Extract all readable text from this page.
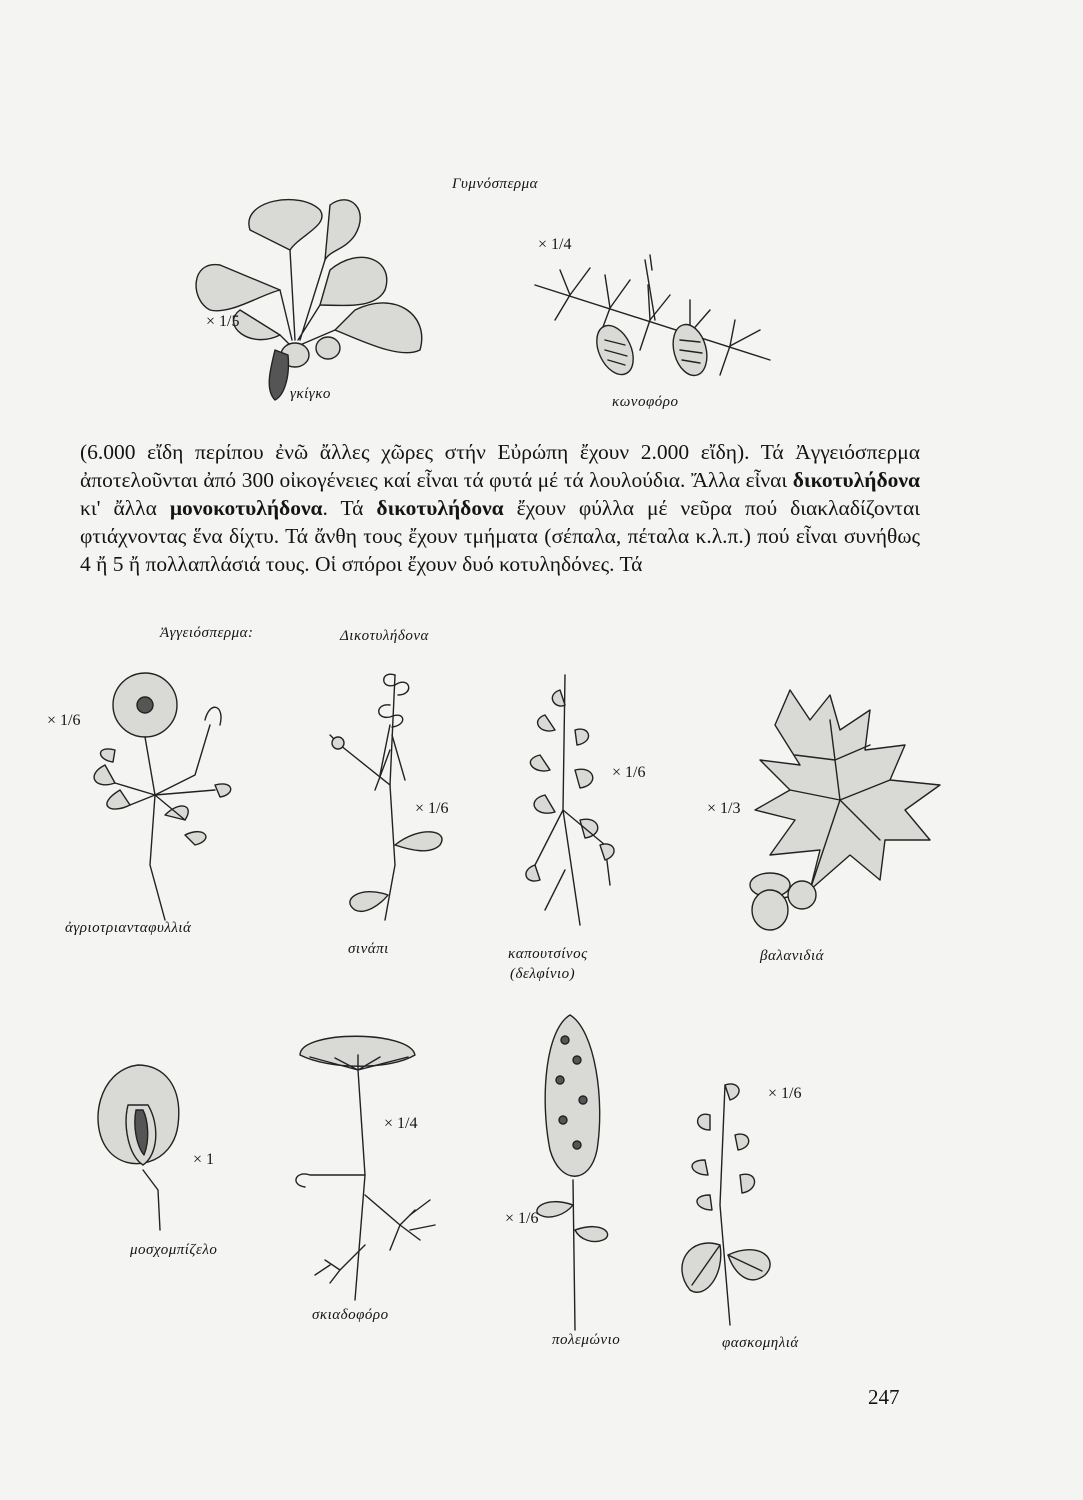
Γυμνόσπερμα
× 1/5
γκίγκο
× 1/4
κωνοφόρο

(6.000 εἴδη περίπου ἐνῶ ἄλλες χῶρες στήν Εὐρώπη ἔχουν 2.000 εἴδη). Τά Ἀγγειόσπερμα ἀποτελοῦνται ἀπό 300 οἰκογένειες καί εἶναι τά φυτά μέ τά λουλούδια. Ἄλλα εἶναι δικοτυλήδονα κι' ἄλλα μονοκοτυλήδονα. Τά δικοτυλήδονα ἔχουν φύλλα μέ νεῦρα πού διακλαδίζονται φτιάχνοντας ἕνα δίχτυ. Τά ἄνθη τους ἔχουν τμήματα (σέπαλα, πέταλα κ.λ.π.) πού εἶναι συνήθως 4 ἤ 5 ἤ πολλαπλάσιά τους. Οἱ σπόροι ἔχουν δυό κοτυληδόνες. Τά

Ἀγγειόσπερμα:	Δικοτυλήδονα
× 1/6
ἀγριοτριανταφυλλιά
× 1/6
σινάπι
× 1/6
καπουτσίνος
(δελφίνιο)
× 1/3
βαλανιδιά
× 1
μοσχομπίζελο
× 1/4
σκιαδοφόρο
× 1/6
πολεμώνιο
× 1/6
φασκομηλιά
247
